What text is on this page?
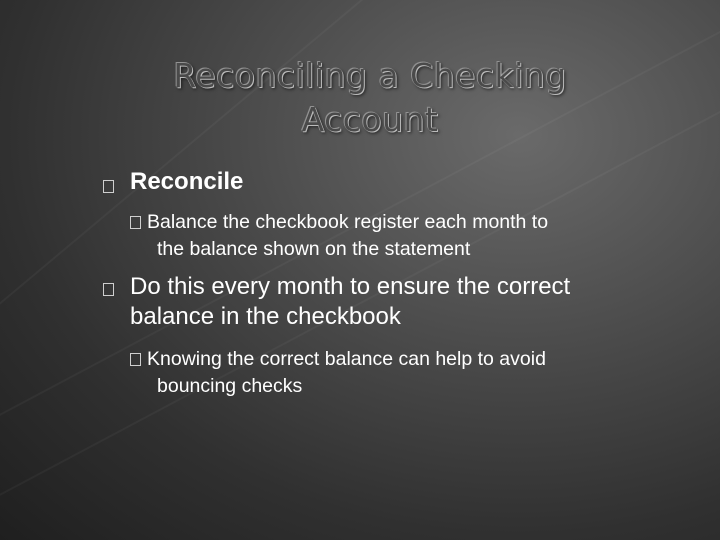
Reconciling a Checking
Account
Reconcile
Balance the checkbook register each month to
the balance shown on the statement
Do this every month to ensure the correct
balance in the checkbook
Knowing the correct balance can help to avoid
bouncing checks
